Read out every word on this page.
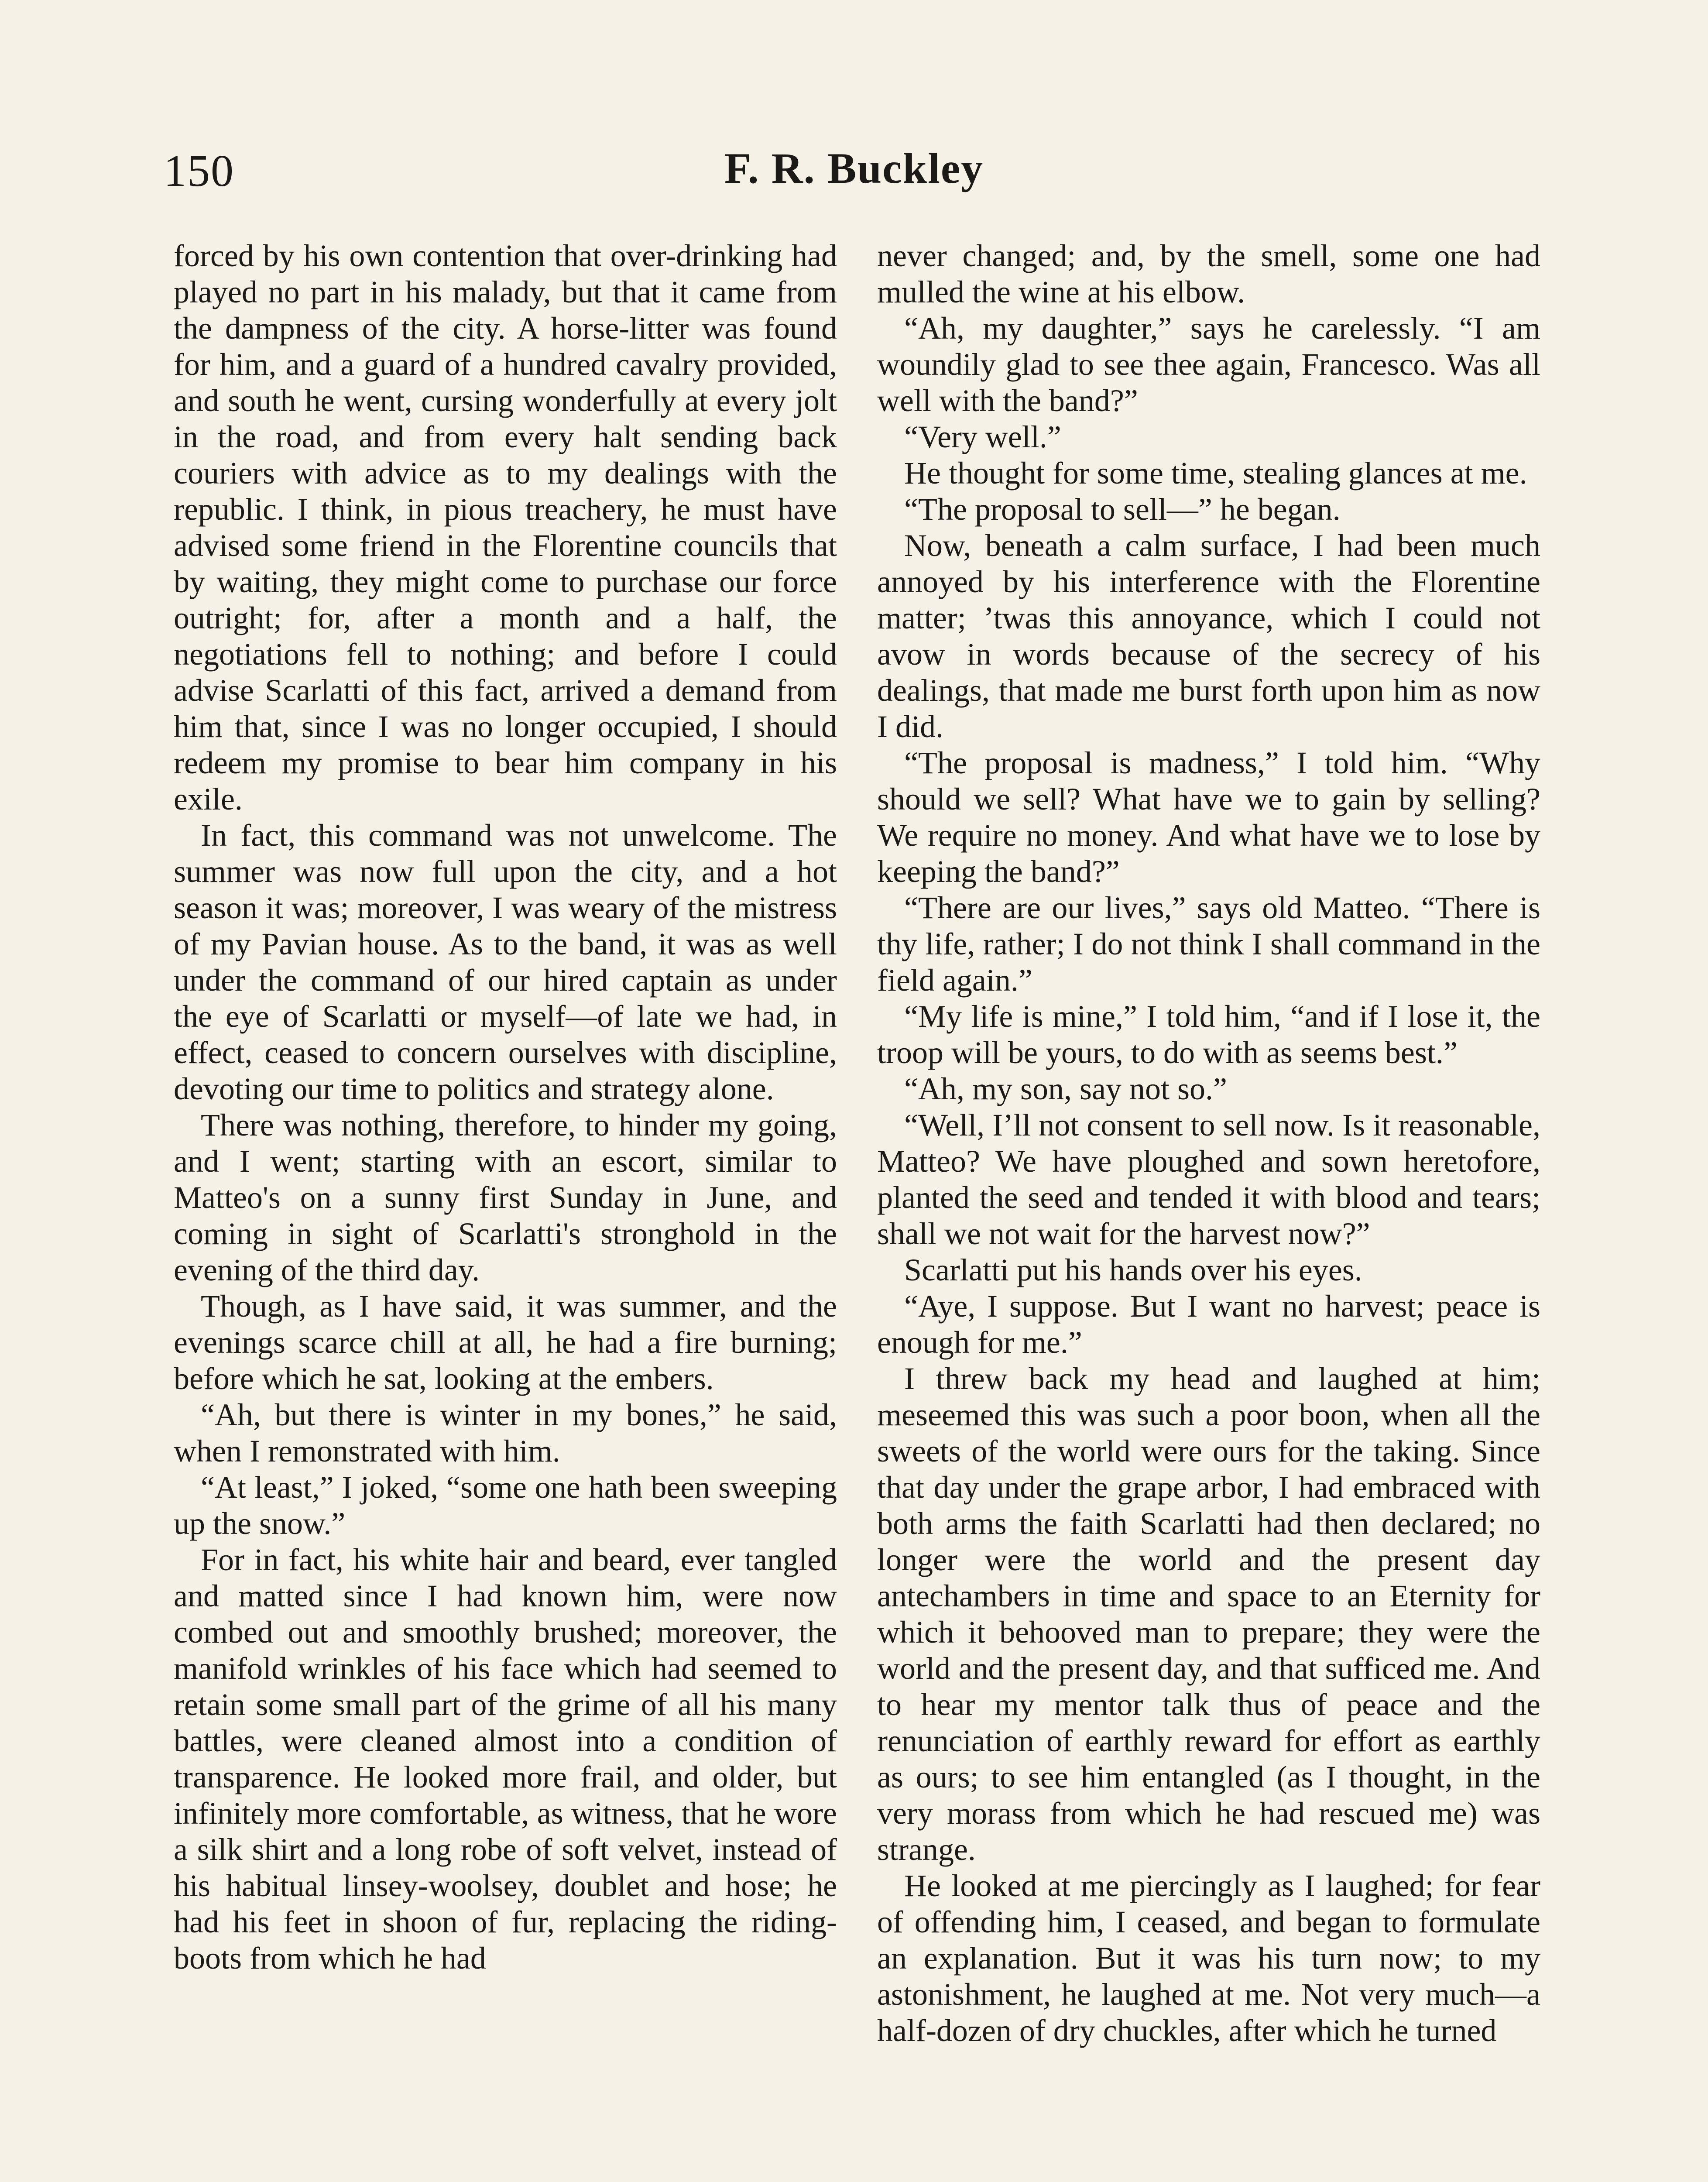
150	F. R. Buckley

forced by his own contention that over-drinking had played no part in his malady, but that it came from the dampness of the city. A horse-litter was found for him, and a guard of a hundred cavalry provided, and south he went, cursing wonderfully at every jolt in the road, and from every halt sending back couriers with advice as to my dealings with the republic. I think, in pious treachery, he must have advised some friend in the Florentine councils that by waiting, they might come to purchase our force outright; for, after a month and a half, the negotiations fell to nothing; and before I could advise Scarlatti of this fact, arrived a demand from him that, since I was no longer occupied, I should redeem my promise to bear him company in his exile.

In fact, this command was not unwelcome. The summer was now full upon the city, and a hot season it was; moreover, I was weary of the mistress of my Pavian house. As to the band, it was as well under the command of our hired captain as under the eye of Scarlatti or myself—of late we had, in effect, ceased to concern ourselves with discipline, devoting our time to politics and strategy alone.

There was nothing, therefore, to hinder my going, and I went; starting with an escort, similar to Matteo's on a sunny first Sunday in June, and coming in sight of Scarlatti's stronghold in the evening of the third day.

Though, as I have said, it was summer, and the evenings scarce chill at all, he had a fire burning; before which he sat, looking at the embers.

“Ah, but there is winter in my bones,” he said, when I remonstrated with him.

“At least,” I joked, “some one hath been sweeping up the snow.”

For in fact, his white hair and beard, ever tangled and matted since I had known him, were now combed out and smoothly brushed; moreover, the manifold wrinkles of his face which had seemed to retain some small part of the grime of all his many battles, were cleaned almost into a condition of transparence. He looked more frail, and older, but infinitely more comfortable, as witness, that he wore a silk shirt and a long robe of soft velvet, instead of his habitual linsey-woolsey, doublet and hose; he had his feet in shoon of fur, replacing the riding-boots from which he had

never changed; and, by the smell, some one had mulled the wine at his elbow.

“Ah, my daughter,” says he carelessly. “I am woundily glad to see thee again, Francesco. Was all well with the band?”

“Very well.”

He thought for some time, stealing glances at me.

“The proposal to sell—” he began.

Now, beneath a calm surface, I had been much annoyed by his interference with the Florentine matter; ’twas this annoyance, which I could not avow in words because of the secrecy of his dealings, that made me burst forth upon him as now I did.

“The proposal is madness,” I told him. “Why should we sell? What have we to gain by selling? We require no money. And what have we to lose by keeping the band?”

“There are our lives,” says old Matteo. “There is thy life, rather; I do not think I shall command in the field again.”

“My life is mine,” I told him, “and if I lose it, the troop will be yours, to do with as seems best.”

“Ah, my son, say not so.”

“Well, I’ll not consent to sell now. Is it reasonable, Matteo? We have ploughed and sown heretofore, planted the seed and tended it with blood and tears; shall we not wait for the harvest now?”

Scarlatti put his hands over his eyes.

“Aye, I suppose. But I want no harvest; peace is enough for me.”

I threw back my head and laughed at him; meseemed this was such a poor boon, when all the sweets of the world were ours for the taking. Since that day under the grape arbor, I had embraced with both arms the faith Scarlatti had then declared; no longer were the world and the present day antechambers in time and space to an Eternity for which it behooved man to prepare; they were the world and the present day, and that sufficed me. And to hear my mentor talk thus of peace and the renunciation of earthly reward for effort as earthly as ours; to see him entangled (as I thought, in the very morass from which he had rescued me) was strange.

He looked at me piercingly as I laughed; for fear of offending him, I ceased, and began to formulate an explanation. But it was his turn now; to my astonishment, he laughed at me. Not very much—a half-dozen of dry chuckles, after which he turned
